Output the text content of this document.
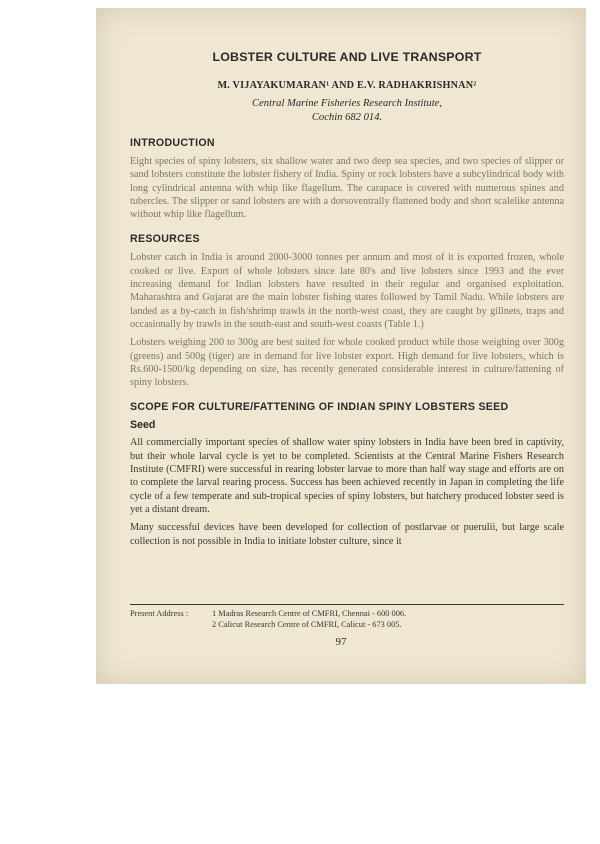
LOBSTER CULTURE AND LIVE TRANSPORT
M. VIJAYAKUMARAN¹ AND E.V. RADHAKRISHNAN²
Central Marine Fisheries Research Institute,
Cochin 682 014.
INTRODUCTION

Eight species of spiny lobsters, six shallow water and two deep sea species, and two species of slipper or sand lobsters constitute the lobster fishery of India. Spiny or rock lobsters have a subcylindrical body with long cylindrical antenna with whip like flagellum. The carapace is covered with numerous spines and tubercles. The slipper or sand lobsters are with a dorsoventrally flattened body and short scalelike antenna without whip like flagellum.

RESOURCES

Lobster catch in India is around 2000-3000 tonnes per annum and most of it is exported frozen, whole cooked or live. Export of whole lobsters since late 80's and live lobsters since 1993 and the ever increasing demand for Indian lobsters have resulted in their regular and organised exploitation. Maharashtra and Gujarat are the main lobster fishing states followed by Tamil Nadu. While lobsters are landed as a by-catch in fish/shrimp trawls in the north-west coast, they are caught by gillnets, traps and occasionally by trawls in the south-east and south-west coasts (Table 1.)

Lobsters weighing 200 to 300g are best suited for whole cooked product while those weighing over 300g (greens) and 500g (tiger) are in demand for live lobster export. High demand for live lobsters, which is Rs.600-1500/kg depending on size, has recently generated considerable interest in culture/fattening of spiny lobsters.

SCOPE FOR CULTURE/FATTENING OF INDIAN SPINY LOBSTERS SEED
Seed

All commercially important species of shallow water spiny lobsters in India have been bred in captivity, but their whole larval cycle is yet to be completed. Scientists at the Central Marine Fishers Research Institute (CMFRI) were successful in rearing lobster larvae to more than half way stage and efforts are on to complete the larval rearing process. Success has been achieved recently in Japan in completing the life cycle of a few temperate and sub-tropical species of spiny lobsters, but hatchery produced lobster seed is yet a distant dream.

Many successful devices have been developed for collection of postlarvae or puerulii, but large scale collection is not possible in India to initiate lobster culture, since it

Present Address :	1 Madras Research Centre of CMFRI, Chennai - 600 006.
2 Calicut Research Centre of CMFRI, Calicut - 673 005.
97
